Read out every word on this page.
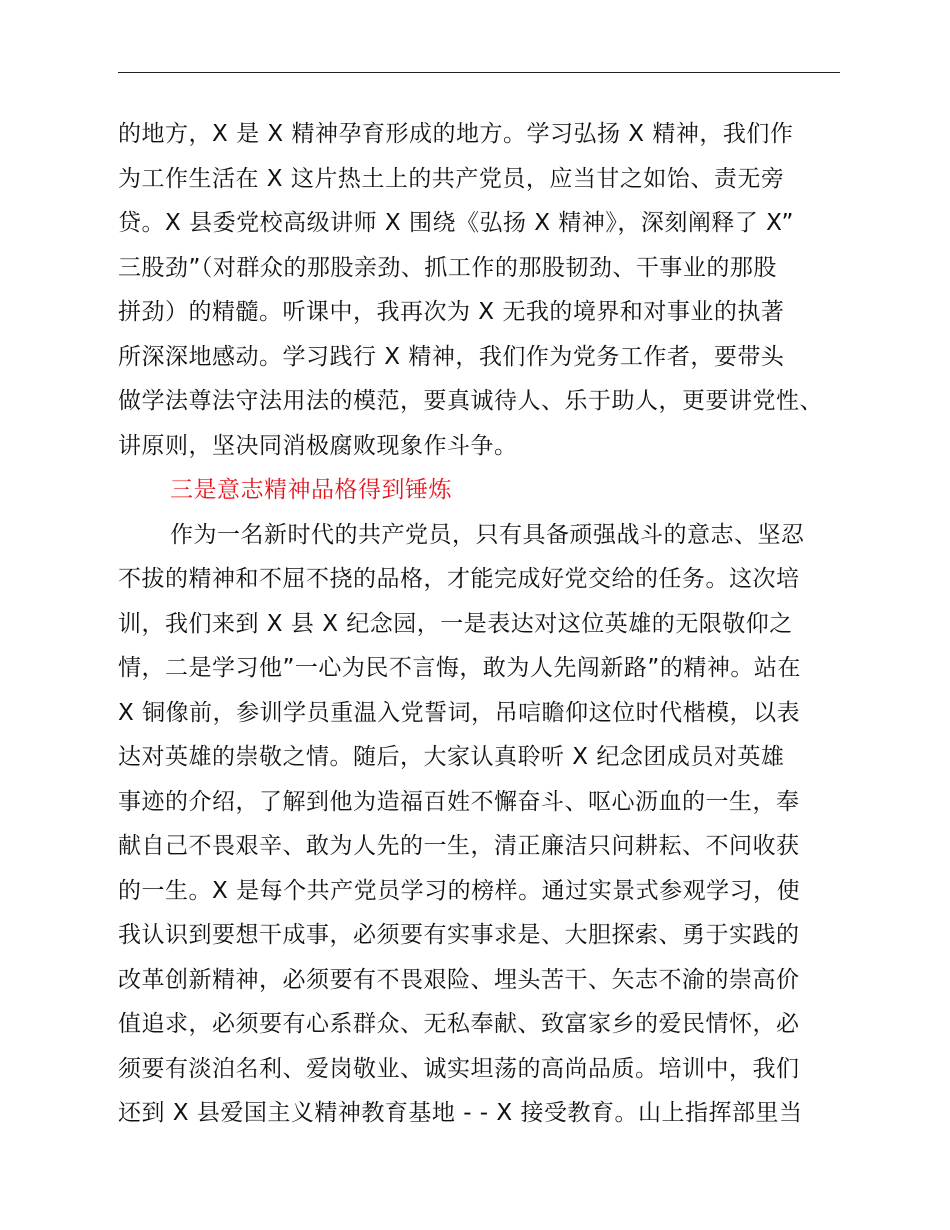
的地方，X 是 X 精神孕育形成的地方。学习弘扬 X 精神，我们作
为工作生活在 X 这片热土上的共产党员，应当甘之如饴、责无旁
贷。X 县委党校高级讲师 X 围绕《弘扬 X 精神》，深刻阐释了 X”
三股劲”（对群众的那股亲劲、抓工作的那股韧劲、干事业的那股
拼劲）的精髓。听课中，我再次为 X 无我的境界和对事业的执著
所深深地感动。学习践行 X 精神，我们作为党务工作者，要带头
做学法尊法守法用法的模范，要真诚待人、乐于助人，更要讲党性、
讲原则，坚决同消极腐败现象作斗争。

三是意志精神品格得到锤炼

作为一名新时代的共产党员，只有具备顽强战斗的意志、坚忍
不拔的精神和不屈不挠的品格，才能完成好党交给的任务。这次培
训，我们来到 X 县 X 纪念园，一是表达对这位英雄的无限敬仰之
情，二是学习他”一心为民不言悔，敢为人先闯新路”的精神。站在
X 铜像前，参训学员重温入党誓词，吊唁瞻仰这位时代楷模，以表
达对英雄的崇敬之情。随后，大家认真聆听 X 纪念团成员对英雄
事迹的介绍，了解到他为造福百姓不懈奋斗、呕心沥血的一生，奉
献自己不畏艰辛、敢为人先的一生，清正廉洁只问耕耘、不问收获
的一生。X 是每个共产党员学习的榜样。通过实景式参观学习，使
我认识到要想干成事，必须要有实事求是、大胆探索、勇于实践的
改革创新精神，必须要有不畏艰险、埋头苦干、矢志不渝的崇高价
值追求，必须要有心系群众、无私奉献、致富家乡的爱民情怀，必
须要有淡泊名利、爱岗敬业、诚实坦荡的高尚品质。培训中，我们
还到 X 县爱国主义精神教育基地 - - X 接受教育。山上指挥部里当
